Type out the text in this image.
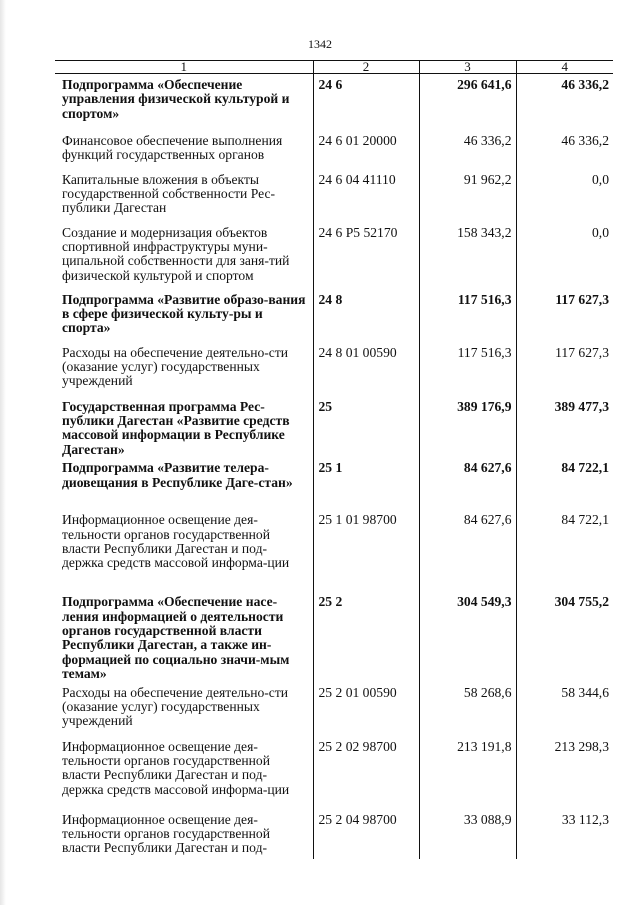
1342
1	2	3	4
Подпрограмма «Обеспечение управления физической культурой и спортом»	24 6	296 641,6	46 336,2
Финансовое обеспечение выполнения функций государственных органов	24 6 01 20000	46 336,2	46 336,2
Капитальные вложения в объекты государственной собственности Рес-публики Дагестан	24 6 04 41110	91 962,2	0,0
Создание и модернизация объектов спортивной инфраструктуры муни-ципальной собственности для заня-тий физической культурой и спортом	24 6 P5 52170	158 343,2	0,0
Подпрограмма «Развитие образо-вания в сфере физической культу-ры и спорта»	24 8	117 516,3	117 627,3
Расходы на обеспечение деятельно-сти (оказание услуг) государственных учреждений	24 8 01 00590	117 516,3	117 627,3
Государственная программа Рес-публики Дагестан «Развитие средств массовой информации в Республике Дагестан»	25	389 176,9	389 477,3
Подпрограмма «Развитие телера-диовещания в Республике Даге-стан»	25 1	84 627,6	84 722,1
Информационное освещение дея-тельности органов государственной власти Республики Дагестан и под-держка средств массовой информа-ции	25 1 01 98700	84 627,6	84 722,1
Подпрограмма «Обеспечение насе-ления информацией о деятельности органов государственной власти Республики Дагестан, а также ин-формацией по социально значи-мым темам»	25 2	304 549,3	304 755,2
Расходы на обеспечение деятельно-сти (оказание услуг) государственных учреждений	25 2 01 00590	58 268,6	58 344,6
Информационное освещение дея-тельности органов государственной власти Республики Дагестан и под-держка средств массовой информа-ции	25 2 02 98700	213 191,8	213 298,3
Информационное освещение дея-тельности органов государственной власти Республики Дагестан и под-	25 2 04 98700	33 088,9	33 112,3
